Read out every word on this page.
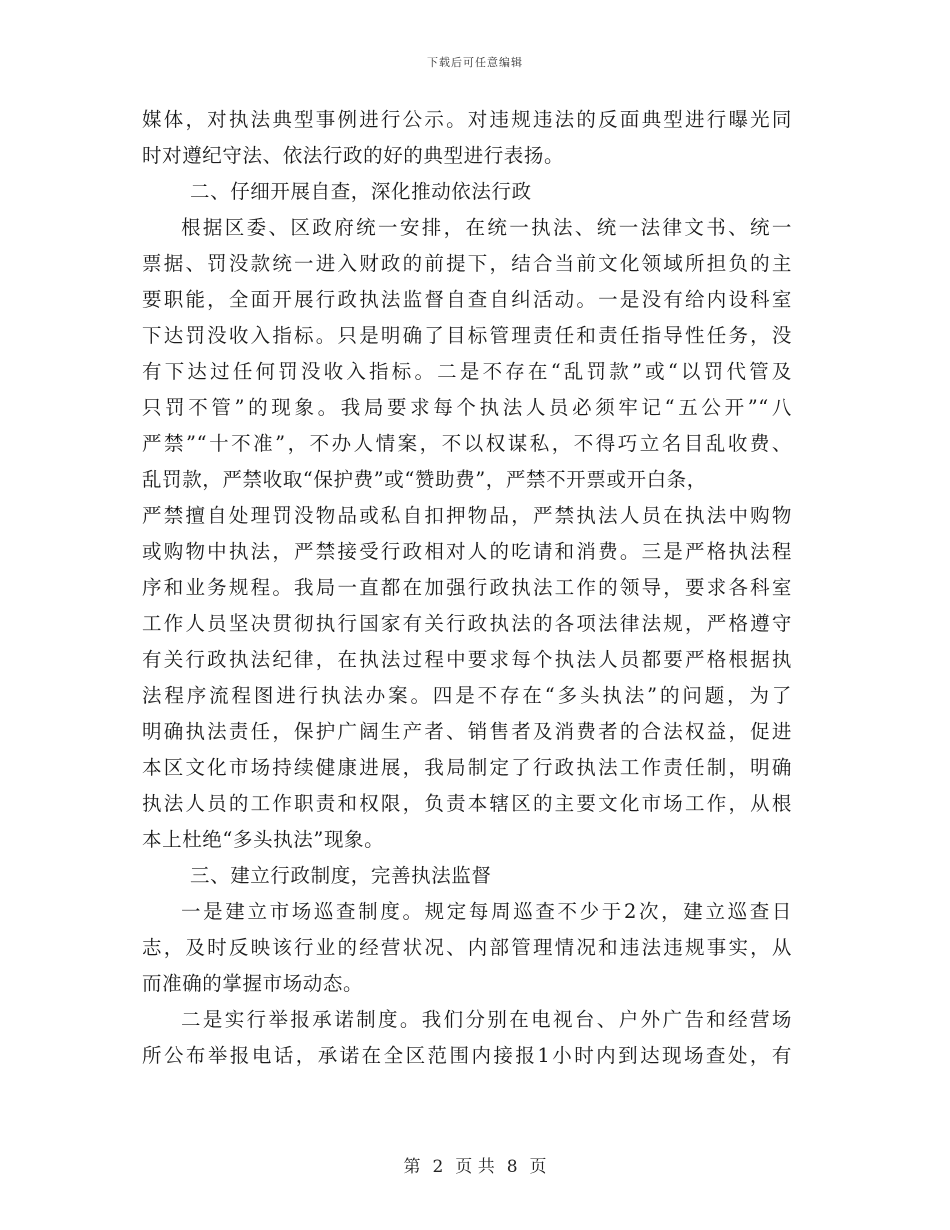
下载后可任意编辑
媒体，对执法典型事例进行公示。对违规违法的反面典型进行曝光同
时对遵纪守法、依法行政的好的典型进行表扬。
二、仔细开展自查，深化推动依法行政
根据区委、区政府统一安排，在统一执法、统一法律文书、统一
票据、罚没款统一进入财政的前提下，结合当前文化领域所担负的主
要职能，全面开展行政执法监督自查自纠活动。一是没有给内设科室
下达罚没收入指标。只是明确了目标管理责任和责任指导性任务，没
有下达过任何罚没收入指标。二是不存在“乱罚款”或“以罚代管及
只罚不管”的现象。我局要求每个执法人员必须牢记“五公开”“八
严禁”“十不准”，不办人情案，不以权谋私，不得巧立名目乱收费、
乱罚款，严禁收取“保护费”或“赞助费”，严禁不开票或开白条，
严禁擅自处理罚没物品或私自扣押物品，严禁执法人员在执法中购物
或购物中执法，严禁接受行政相对人的吃请和消费。三是严格执法程
序和业务规程。我局一直都在加强行政执法工作的领导，要求各科室
工作人员坚决贯彻执行国家有关行政执法的各项法律法规，严格遵守
有关行政执法纪律，在执法过程中要求每个执法人员都要严格根据执
法程序流程图进行执法办案。四是不存在“多头执法”的问题，为了
明确执法责任，保护广阔生产者、销售者及消费者的合法权益，促进
本区文化市场持续健康进展，我局制定了行政执法工作责任制，明确
执法人员的工作职责和权限，负责本辖区的主要文化市场工作，从根
本上杜绝“多头执法”现象。
三、建立行政制度，完善执法监督
一是建立市场巡查制度。规定每周巡查不少于2次，建立巡查日
志，及时反映该行业的经营状况、内部管理情况和违法违规事实，从
而准确的掌握市场动态。
二是实行举报承诺制度。我们分别在电视台、户外广告和经营场
所公布举报电话，承诺在全区范围内接报1小时内到达现场查处，有
第 2 页 共 8 页
